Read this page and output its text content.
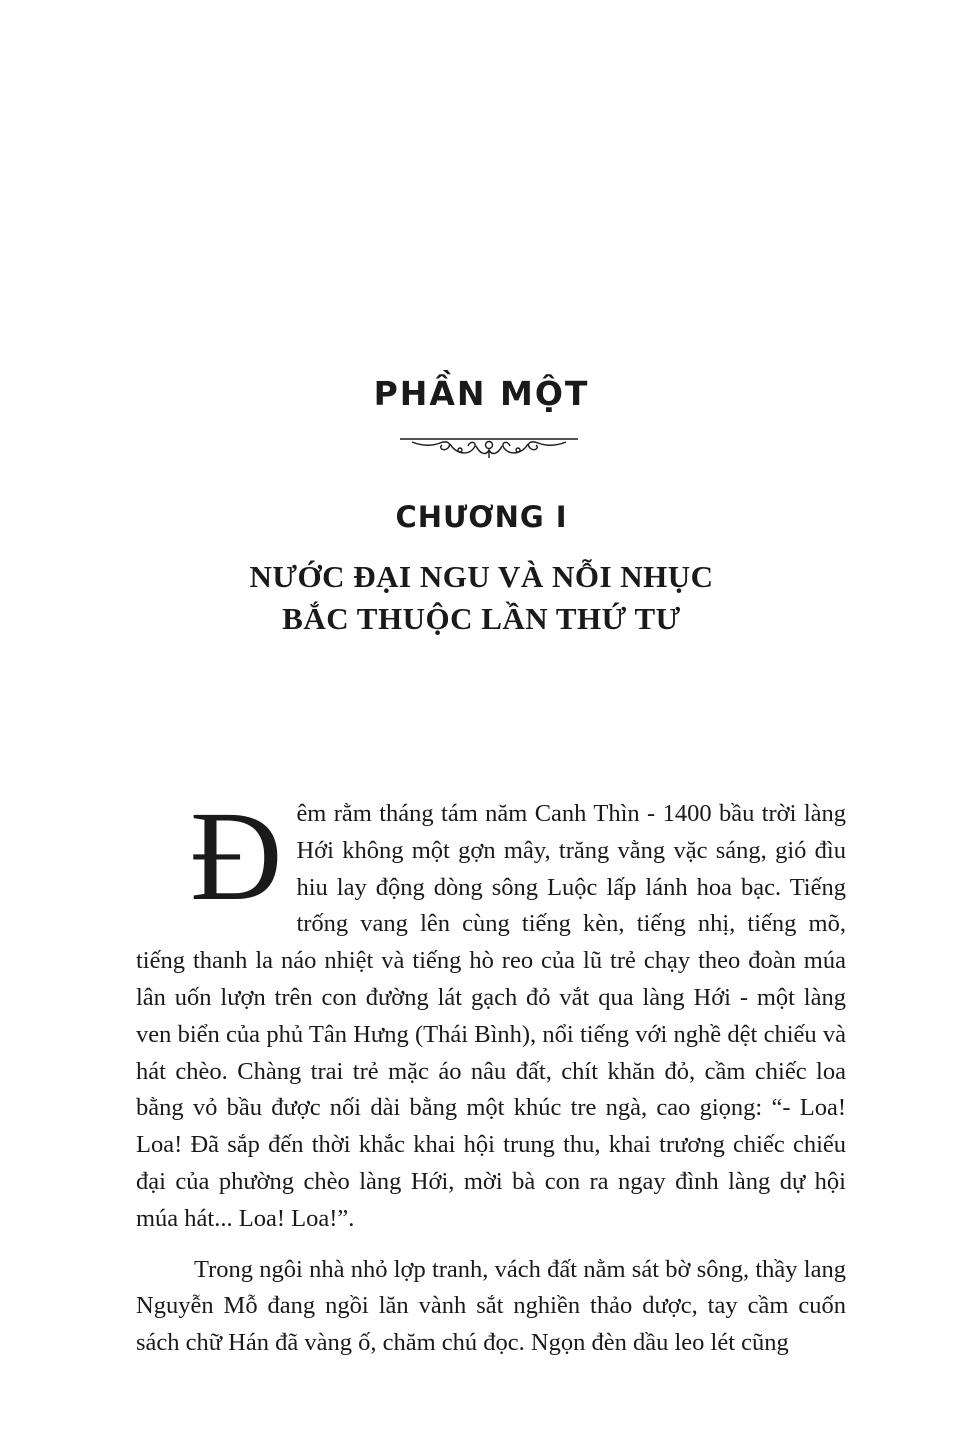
PHẦN MỘT
CHƯƠNG I
NƯỚC ĐẠI NGU VÀ NỖI NHỤC
BẮC THUỘC LẦN THỨ TƯ

Đêm rằm tháng tám năm Canh Thìn - 1400 bầu trời làng Hới không một gợn mây, trăng vằng vặc sáng, gió đìu hiu lay động dòng sông Luộc lấp lánh hoa bạc. Tiếng trống vang lên cùng tiếng kèn, tiếng nhị, tiếng mõ, tiếng thanh la náo nhiệt và tiếng hò reo của lũ trẻ chạy theo đoàn múa lân uốn lượn trên con đường lát gạch đỏ vắt qua làng Hới - một làng ven biển của phủ Tân Hưng (Thái Bình), nổi tiếng với nghề dệt chiếu và hát chèo. Chàng trai trẻ mặc áo nâu đất, chít khăn đỏ, cầm chiếc loa bằng vỏ bầu được nối dài bằng một khúc tre ngà, cao giọng: “- Loa! Loa! Đã sắp đến thời khắc khai hội trung thu, khai trương chiếc chiếu đại của phường chèo làng Hới, mời bà con ra ngay đình làng dự hội múa hát... Loa! Loa!”.

Trong ngôi nhà nhỏ lợp tranh, vách đất nằm sát bờ sông, thầy lang Nguyễn Mỗ đang ngồi lăn vành sắt nghiền thảo dược, tay cầm cuốn sách chữ Hán đã vàng ố, chăm chú đọc. Ngọn đèn dầu leo lét cũng
